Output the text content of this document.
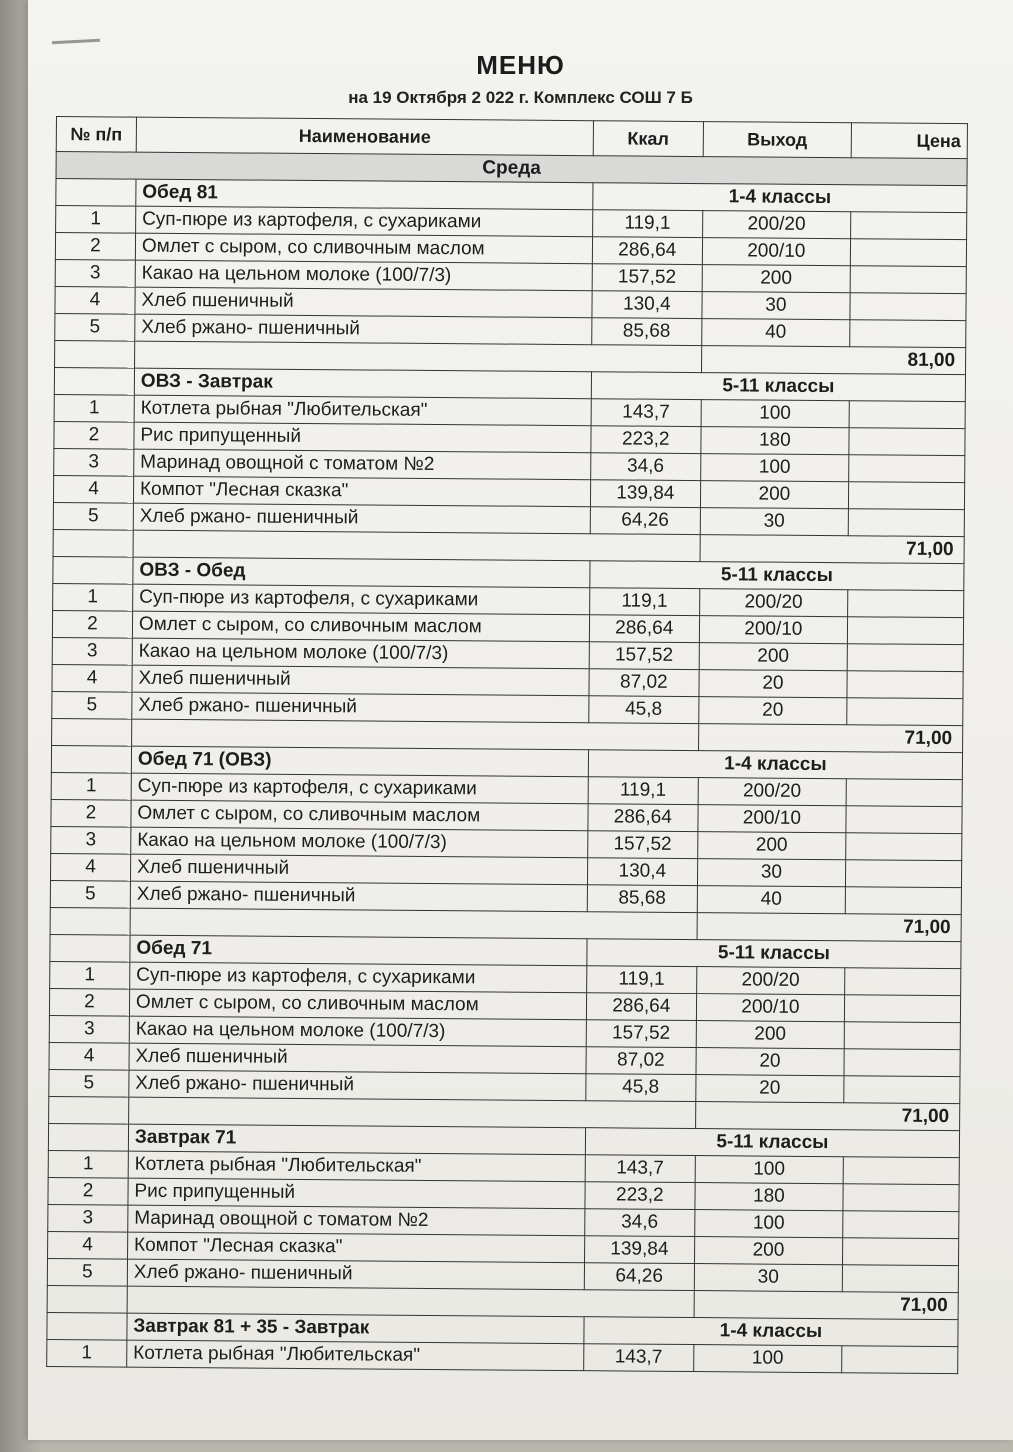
МЕНЮ
на 19 Октября 2 022 г. Комплекс СОШ 7 Б
№ п/п	Наименование	Ккал	Выход	Цена
Среда				
	Обед 81	1-4 классы		
1	Суп-пюре из картофеля, с сухариками	119,1	200/20	
2	Омлет с сыром, со сливочным маслом	286,64	200/10	
3	Какао на цельном молоке (100/7/3)	157,52	200	
4	Хлеб пшеничный	130,4	30	
5	Хлеб ржано- пшеничный	85,68	40	
			81,00	
	ОВЗ - Завтрак	5-11 классы		
1	Котлета рыбная "Любительская"	143,7	100	
2	Рис припущенный	223,2	180	
3	Маринад овощной с томатом №2	34,6	100	
4	Компот "Лесная сказка"	139,84	200	
5	Хлеб ржано- пшеничный	64,26	30	
			71,00	
	ОВЗ - Обед	5-11 классы		
1	Суп-пюре из картофеля, с сухариками	119,1	200/20	
2	Омлет с сыром, со сливочным маслом	286,64	200/10	
3	Какао на цельном молоке (100/7/3)	157,52	200	
4	Хлеб пшеничный	87,02	20	
5	Хлеб ржано- пшеничный	45,8	20	
			71,00	
	Обед 71 (ОВЗ)	1-4 классы		
1	Суп-пюре из картофеля, с сухариками	119,1	200/20	
2	Омлет с сыром, со сливочным маслом	286,64	200/10	
3	Какао на цельном молоке (100/7/3)	157,52	200	
4	Хлеб пшеничный	130,4	30	
5	Хлеб ржано- пшеничный	85,68	40	
			71,00	
	Обед 71	5-11 классы		
1	Суп-пюре из картофеля, с сухариками	119,1	200/20	
2	Омлет с сыром, со сливочным маслом	286,64	200/10	
3	Какао на цельном молоке (100/7/3)	157,52	200	
4	Хлеб пшеничный	87,02	20	
5	Хлеб ржано- пшеничный	45,8	20	
			71,00	
	Завтрак 71	5-11 классы		
1	Котлета рыбная "Любительская"	143,7	100	
2	Рис припущенный	223,2	180	
3	Маринад овощной с томатом №2	34,6	100	
4	Компот "Лесная сказка"	139,84	200	
5	Хлеб ржано- пшеничный	64,26	30	
			71,00	
	Завтрак 81 + 35 - Завтрак	1-4 классы		
1	Котлета рыбная "Любительская"	143,7	100	
